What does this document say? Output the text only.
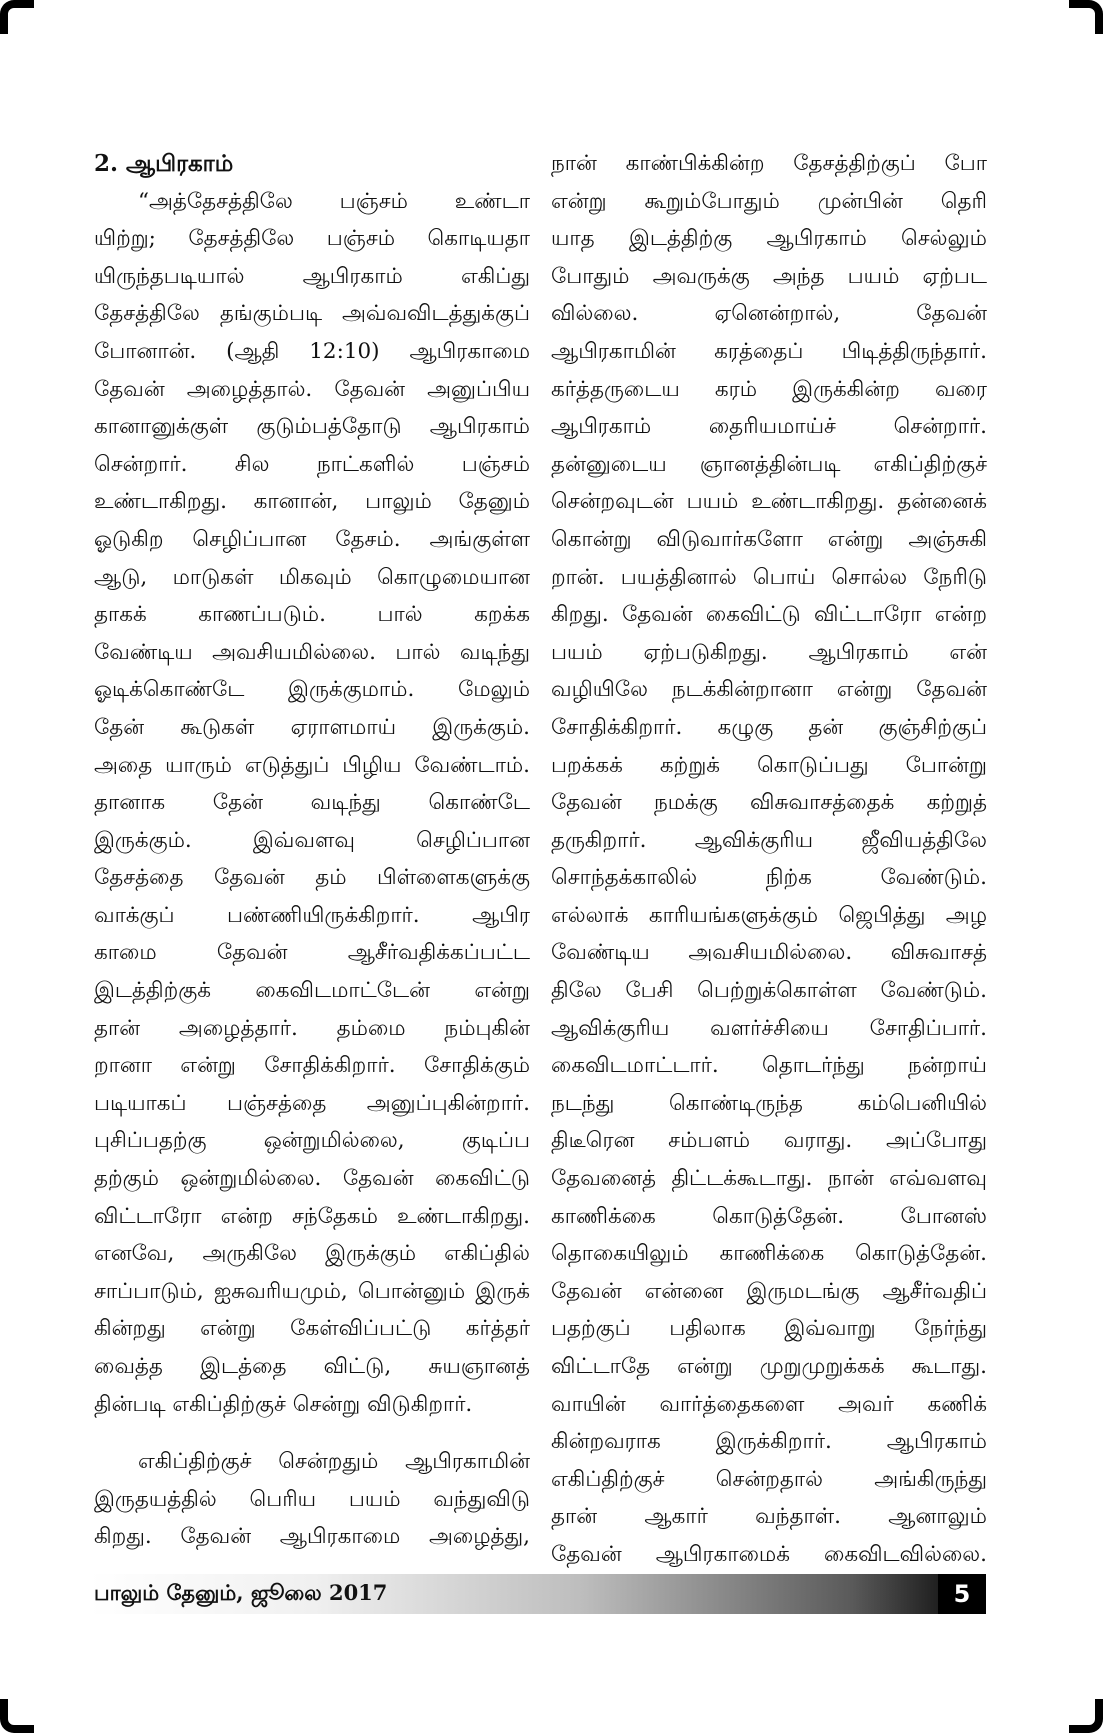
2. ஆபிரகாம்
“அத்தேசத்திலே பஞ்சம் உண்டா
யிற்று; தேசத்திலே பஞ்சம் கொடியதா
யிருந்தபடியால் ஆபிரகாம் எகிப்து
தேசத்திலே தங்கும்படி அவ்வவிடத்துக்குப்
போனான். (ஆதி 12:10) ஆபிரகாமை
தேவன் அழைத்தால். தேவன் அனுப்பிய
கானானுக்குள் குடும்பத்தோடு ஆபிரகாம்
சென்றார். சில நாட்களில் பஞ்சம்
உண்டாகிறது. கானான், பாலும் தேனும்
ஓடுகிற செழிப்பான தேசம். அங்குள்ள
ஆடு, மாடுகள் மிகவும் கொழுமையான
தாகக் காணப்படும். பால் கறக்க
வேண்டிய அவசியமில்லை. பால் வடிந்து
ஓடிக்கொண்டே இருக்குமாம். மேலும்
தேன் கூடுகள் ஏராளமாய் இருக்கும்.
அதை யாரும் எடுத்துப் பிழிய வேண்டாம்.
தானாக தேன் வடிந்து கொண்டே
இருக்கும். இவ்வளவு செழிப்பான
தேசத்தை தேவன் தம் பிள்ளைகளுக்கு
வாக்குப் பண்ணியிருக்கிறார். ஆபிர
காமை தேவன் ஆசீர்வதிக்கப்பட்ட
இடத்திற்குக் கைவிடமாட்டேன் என்று
தான் அழைத்தார். தம்மை நம்புகின்
றானா என்று சோதிக்கிறார். சோதிக்கும்
படியாகப் பஞ்சத்தை அனுப்புகின்றார்.
புசிப்பதற்கு ஒன்றுமில்லை, குடிப்ப
தற்கும் ஒன்றுமில்லை. தேவன் கைவிட்டு
விட்டாரோ என்ற சந்தேகம் உண்டாகிறது.
எனவே, அருகிலே இருக்கும் எகிப்தில்
சாப்பாடும், ஐசுவரியமும், பொன்னும் இருக்
கின்றது என்று கேள்விப்பட்டு கர்த்தர்
வைத்த இடத்தை விட்டு, சுயஞானத்
தின்படி எகிப்திற்குச் சென்று விடுகிறார்.
எகிப்திற்குச் சென்றதும் ஆபிரகாமின்
இருதயத்தில் பெரிய பயம் வந்துவிடு
கிறது. தேவன் ஆபிரகாமை அழைத்து,
நான் காண்பிக்கின்ற தேசத்திற்குப் போ
என்று கூறும்போதும் முன்பின் தெரி
யாத இடத்திற்கு ஆபிரகாம் செல்லும்
போதும் அவருக்கு அந்த பயம் ஏற்பட
வில்லை. ஏனென்றால், தேவன்
ஆபிரகாமின் கரத்தைப் பிடித்திருந்தார்.
கர்த்தருடைய கரம் இருக்கின்ற வரை
ஆபிரகாம் தைரியமாய்ச் சென்றார்.
தன்னுடைய ஞானத்தின்படி எகிப்திற்குச்
சென்றவுடன் பயம் உண்டாகிறது. தன்னைக்
கொன்று விடுவார்களோ என்று அஞ்சுகி
றான். பயத்தினால் பொய் சொல்ல நேரிடு
கிறது. தேவன் கைவிட்டு விட்டாரோ என்ற
பயம் ஏற்படுகிறது. ஆபிரகாம் என்
வழியிலே நடக்கின்றானா என்று தேவன்
சோதிக்கிறார். கழுகு தன் குஞ்சிற்குப்
பறக்கக் கற்றுக் கொடுப்பது போன்று
தேவன் நமக்கு விசுவாசத்தைக் கற்றுத்
தருகிறார். ஆவிக்குரிய ஜீவியத்திலே
சொந்தக்காலில் நிற்க வேண்டும்.
எல்லாக் காரியங்களுக்கும் ஜெபித்து அழ
வேண்டிய அவசியமில்லை. விசுவாசத்
திலே பேசி பெற்றுக்கொள்ள வேண்டும்.
ஆவிக்குரிய வளர்ச்சியை சோதிப்பார்.
கைவிடமாட்டார். தொடர்ந்து நன்றாய்
நடந்து கொண்டிருந்த கம்பெனியில்
திடீரென சம்பளம் வராது. அப்போது
தேவனைத் திட்டக்கூடாது. நான் எவ்வளவு
காணிக்கை கொடுத்தேன். போனஸ்
தொகையிலும் காணிக்கை கொடுத்தேன்.
தேவன் என்னை இருமடங்கு ஆசீர்வதிப்
பதற்குப் பதிலாக இவ்வாறு நேர்ந்து
விட்டாதே என்று முறுமுறுக்கக் கூடாது.
வாயின் வார்த்தைகளை அவர் கணிக்
கின்றவராக இருக்கிறார். ஆபிரகாம்
எகிப்திற்குச் சென்றதால் அங்கிருந்து
தான் ஆகார் வந்தாள். ஆனாலும்
தேவன் ஆபிரகாமைக் கைவிடவில்லை.
பாலும் தேனும், ஜூலை 2017	5
